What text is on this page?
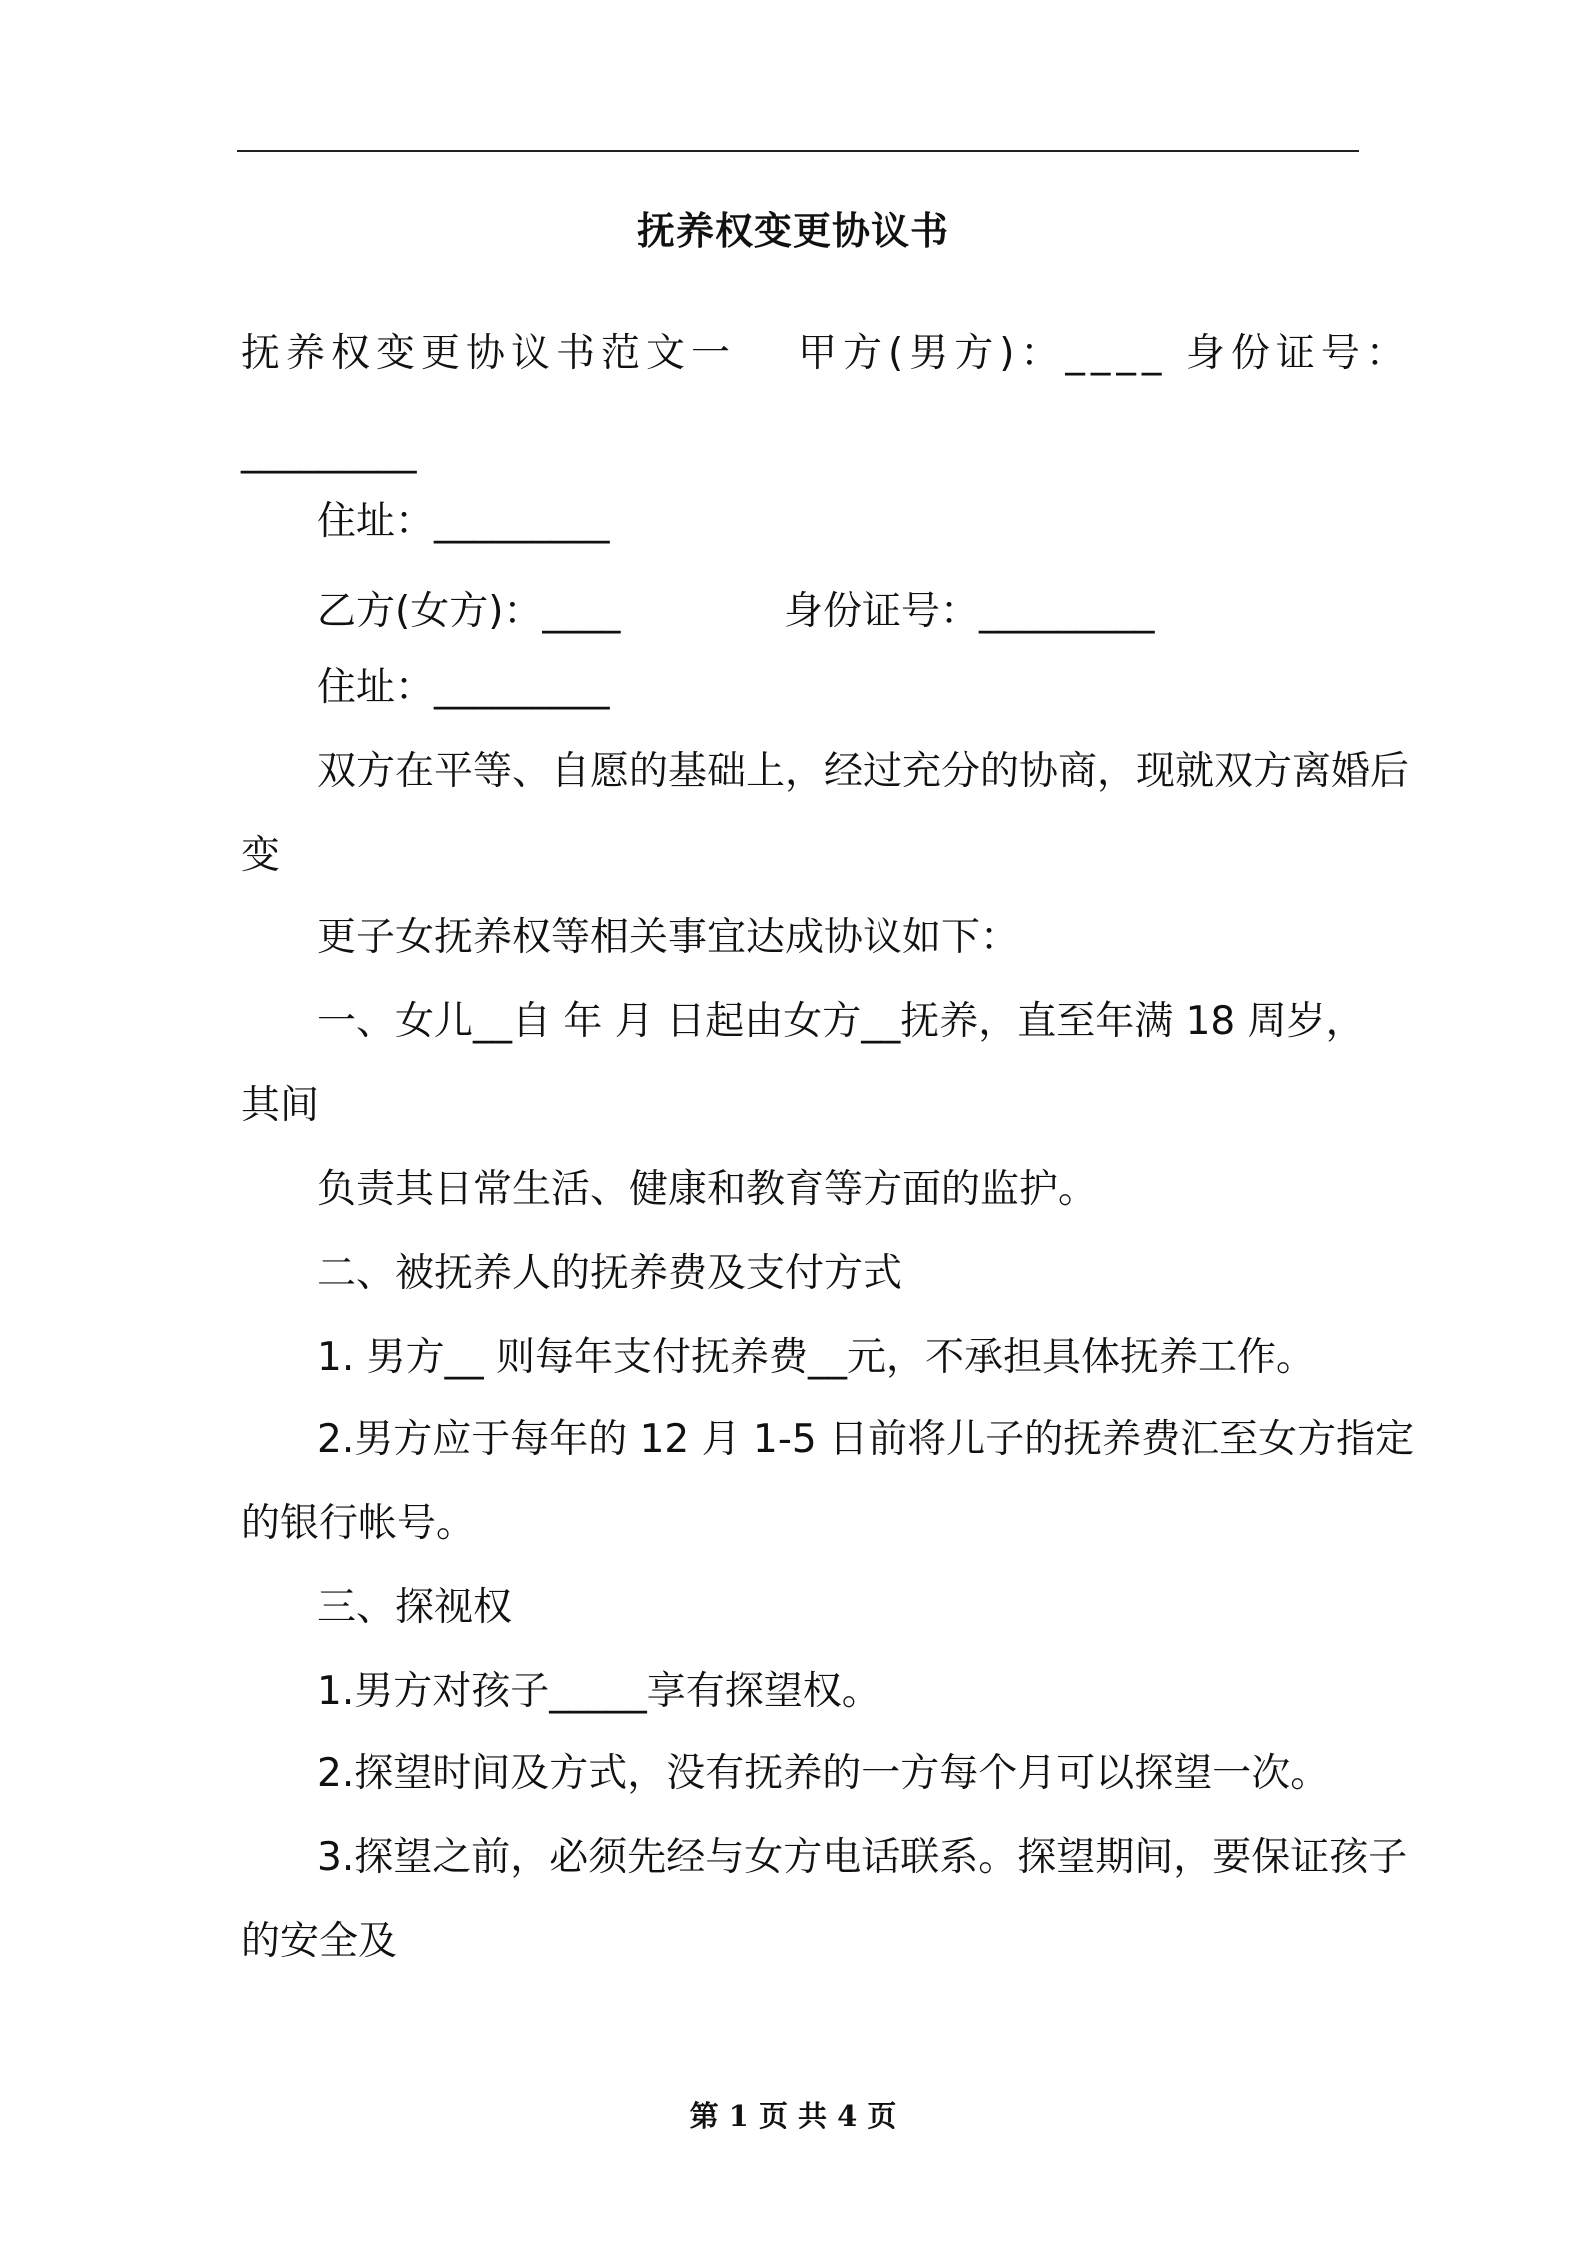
抚养权变更协议书
抚养权变更协议书范文一 甲方(男方)：____ 身份证号：
_________
住址：_________
乙方(女方)：____	身份证号：_________
住址：_________
双方在平等、自愿的基础上，经过充分的协商，现就双方离婚后
变
更子女抚养权等相关事宜达成协议如下：
一、女儿__自 年 月 日起由女方__抚养，直至年满 18 周岁，
其间
负责其日常生活、健康和教育等方面的监护。
二、被抚养人的抚养费及支付方式
1. 男方__ 则每年支付抚养费__元，不承担具体抚养工作。
2.男方应于每年的 12 月 1-5 日前将儿子的抚养费汇至女方指定
的银行帐号。
三、探视权
1.男方对孩子_____享有探望权。
2.探望时间及方式，没有抚养的一方每个月可以探望一次。
3.探望之前，必须先经与女方电话联系。探望期间，要保证孩子
的安全及
第 1 页 共 4 页
